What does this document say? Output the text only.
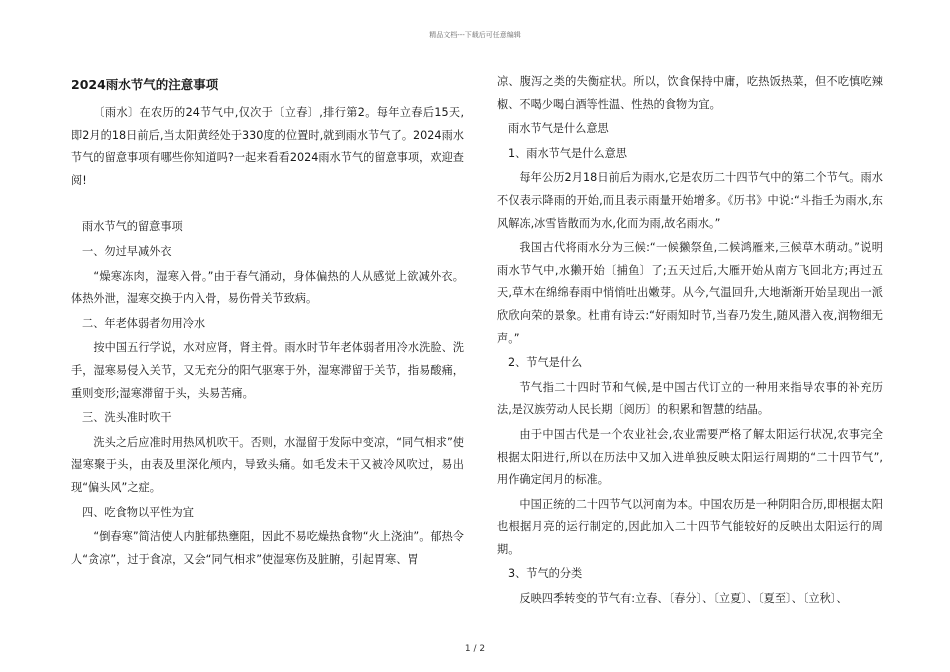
精品文档---下载后可任意编辑
2024雨水节气的注意事项
〔雨水〕在农历的24节气中,仅次于〔立春〕,排行第2。每年立春后15天,即2月的18日前后,当太阳黄经处于330度的位置时,就到雨水节气了。2024雨水节气的留意事项有哪些你知道吗?一起来看看2024雨水节气的留意事项，欢迎查阅!
雨水节气的留意事项
一、勿过早减外衣
“燥寒冻肉，湿寒入骨。”由于春气涌动，身体偏热的人从感觉上欲减外衣。体热外泄，湿寒交换于内入骨，易伤骨关节致病。
二、年老体弱者勿用冷水
按中国五行学说，水对应肾，肾主骨。雨水时节年老体弱者用冷水洗脸、洗手，湿寒易侵入关节，又无充分的阳气驱寒于外，湿寒滞留于关节，指易酸痛，重则变形;湿寒滞留于头，头易苦痛。
三、洗头准时吹干
洗头之后应准时用热风机吹干。否则，水湿留于发际中变凉，“同气相求”使湿寒聚于头，由表及里深化颅内，导致头痛。如毛发未干又被冷风吹过，易出现“偏头风”之症。
四、吃食物以平性为宜
“倒春寒”简洁使人内脏郁热壅阻，因此不易吃燥热食物“火上浇油”。郁热令人“贪凉”，过于食凉，又会“同气相求”使湿寒伤及脏腑，引起胃寒、胃
凉、腹泻之类的失衡症状。所以，饮食保持中庸，吃热饭热菜，但不吃慎吃辣椒、不喝少喝白酒等性温、性热的食物为宜。
雨水节气是什么意思
1、雨水节气是什么意思
每年公历2月18日前后为雨水,它是农历二十四节气中的第二个节气。雨水不仅表示降雨的开始,而且表示雨量开始增多。《历书》中说:“斗指壬为雨水,东风解冻,冰雪皆散而为水,化而为雨,故名雨水。”
我国古代将雨水分为三候:“一候獭祭鱼,二候鸿雁来,三候草木萌动。”说明雨水节气中,水獭开始〔捕鱼〕了;五天过后,大雁开始从南方飞回北方;再过五天,草木在绵绵春雨中悄悄吐出嫩芽。从今,气温回升,大地渐渐开始呈现出一派欣欣向荣的景象。杜甫有诗云:“好雨知时节,当春乃发生,随风潜入夜,润物细无声。”
2、节气是什么
节气指二十四时节和气候,是中国古代订立的一种用来指导农事的补充历法,是汉族劳动人民长期〔阅历〕的积累和智慧的结晶。
由于中国古代是一个农业社会,农业需要严格了解太阳运行状况,农事完全根据太阳进行,所以在历法中又加入进单独反映太阳运行周期的“二十四节气”,用作确定闰月的标准。
中国正统的二十四节气以河南为本。中国农历是一种阴阳合历,即根据太阳也根据月亮的运行制定的,因此加入二十四节气能较好的反映出太阳运行的周期。
3、节气的分类
反映四季转变的节气有:立春、〔春分〕、〔立夏〕、〔夏至〕、〔立秋〕、
1 / 2
